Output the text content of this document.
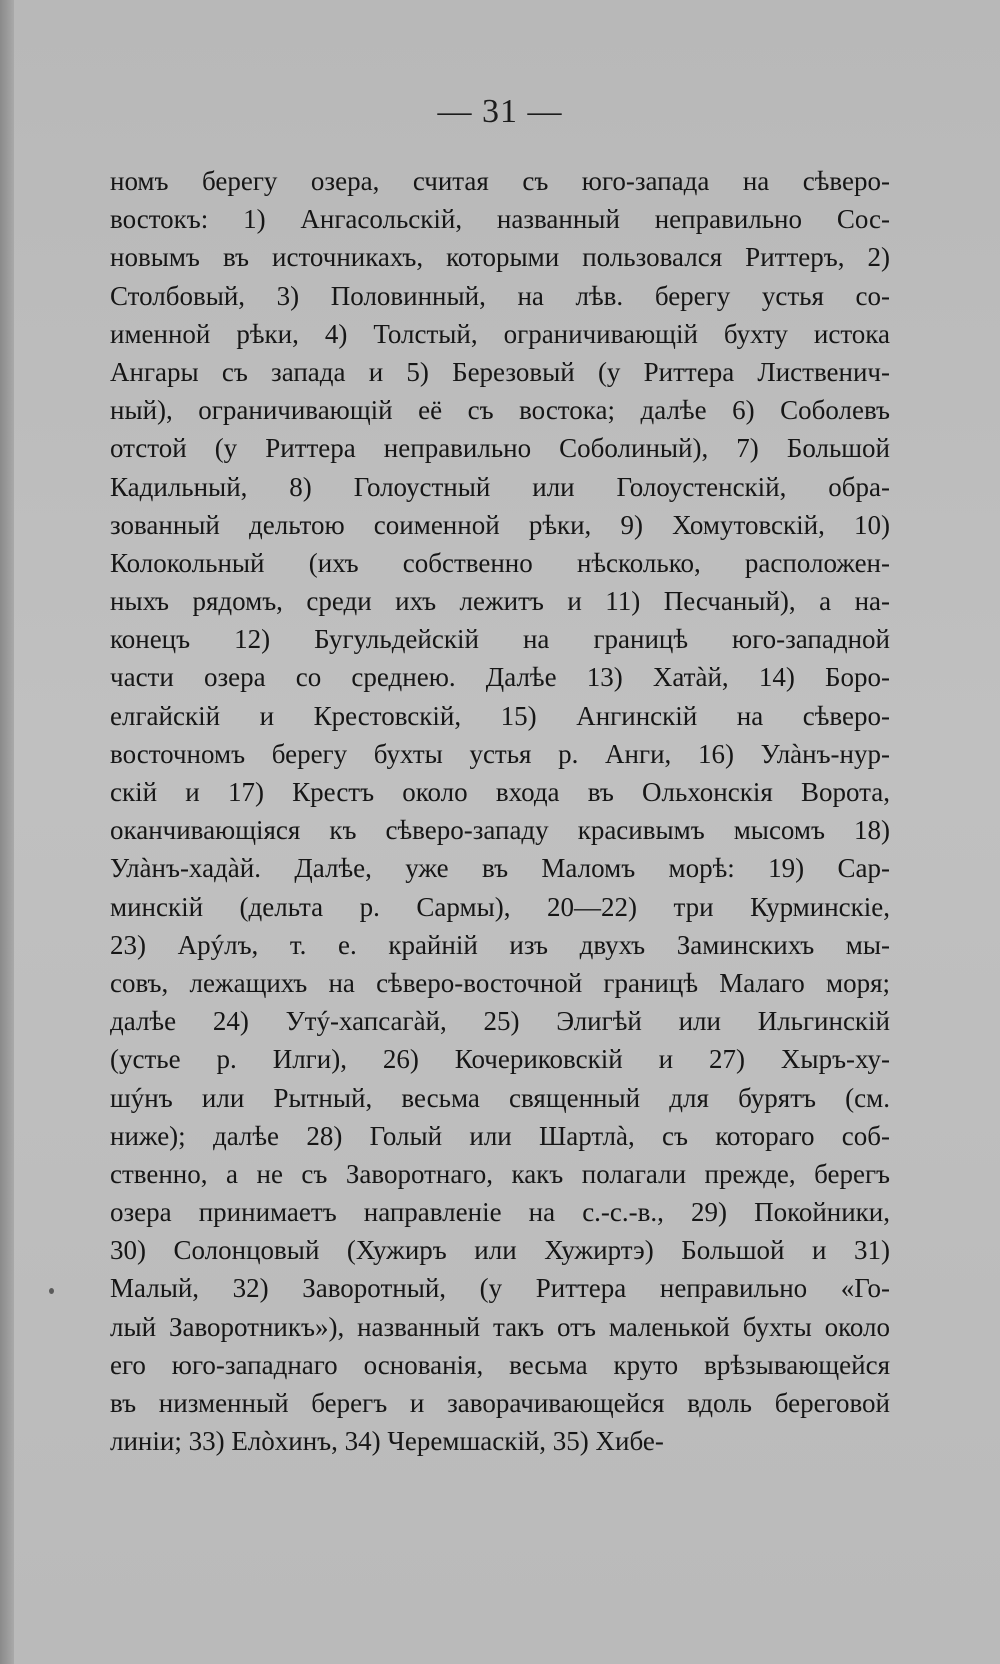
— 31 —
номъ берегу озера, считая съ юго-запада на сѣверо-
востокъ: 1) Ангасольскій, названный неправильно Сос-
новымъ въ источникахъ, которыми пользовался Риттеръ, 2)
Столбовый, 3) Половинный, на лѣв. берегу устья со-
именной рѣки, 4) Толстый, ограничивающій бухту истока
Ангары съ запада и 5) Березовый (у Риттера Лиственич-
ный), ограничивающій её съ востока; далѣе 6) Соболевъ
отстой (у Риттера неправильно Соболиный), 7) Большой
Кадильный, 8) Голоустный или Голоустенскій, обра-
зованный дельтою соименной рѣки, 9) Хомутовскій, 10)
Колокольный (ихъ собственно нѣсколько, расположен-
ныхъ рядомъ, среди ихъ лежитъ и 11) Песчаный), а на-
конецъ 12) Бугульдейскій на границѣ юго-западной
части озера со среднею. Далѣе 13) Хатàй, 14) Боро-
елгайскій и Крестовскій, 15) Ангинскій на сѣверо-
восточномъ берегу бухты устья р. Анги, 16) Улàнъ-нур-
скій и 17) Крестъ около входа въ Ольхонскія Ворота,
оканчивающіяся къ сѣверо-западу красивымъ мысомъ 18)
Улàнъ-хадàй. Далѣе, уже въ Маломъ морѣ: 19) Сар-
минскій (дельта р. Сармы), 20—22) три Курминскіе,
23) Арýлъ, т. е. крайній изъ двухъ Заминскихъ мы-
совъ, лежащихъ на сѣверо-восточной границѣ Малаго моря;
далѣе 24) Утý-хапсагàй, 25) Элигѣй или Ильгинскій
(устье р. Илги), 26) Кочериковскій и 27) Хыръ-ху-
шýнъ или Рытный, весьма священный для бурятъ (см.
ниже); далѣе 28) Голый или Шартлà, съ котораго соб-
ственно, а не съ Заворотнаго, какъ полагали прежде, берегъ
озера принимаетъ направленіе на с.-с.-в., 29) Покойники,
30) Солонцовый (Хужиръ или Хужиртэ) Большой и 31)
Малый, 32) Заворотный, (у Риттера неправильно «Го-
лый Заворотникъ»), названный такъ отъ маленькой бухты около
его юго-западнаго основанія, весьма круто врѣзывающейся
въ низменный берегъ и заворачивающейся вдоль береговой
линіи; 33) Елòхинъ, 34) Черемшаскій, 35) Хибе-
